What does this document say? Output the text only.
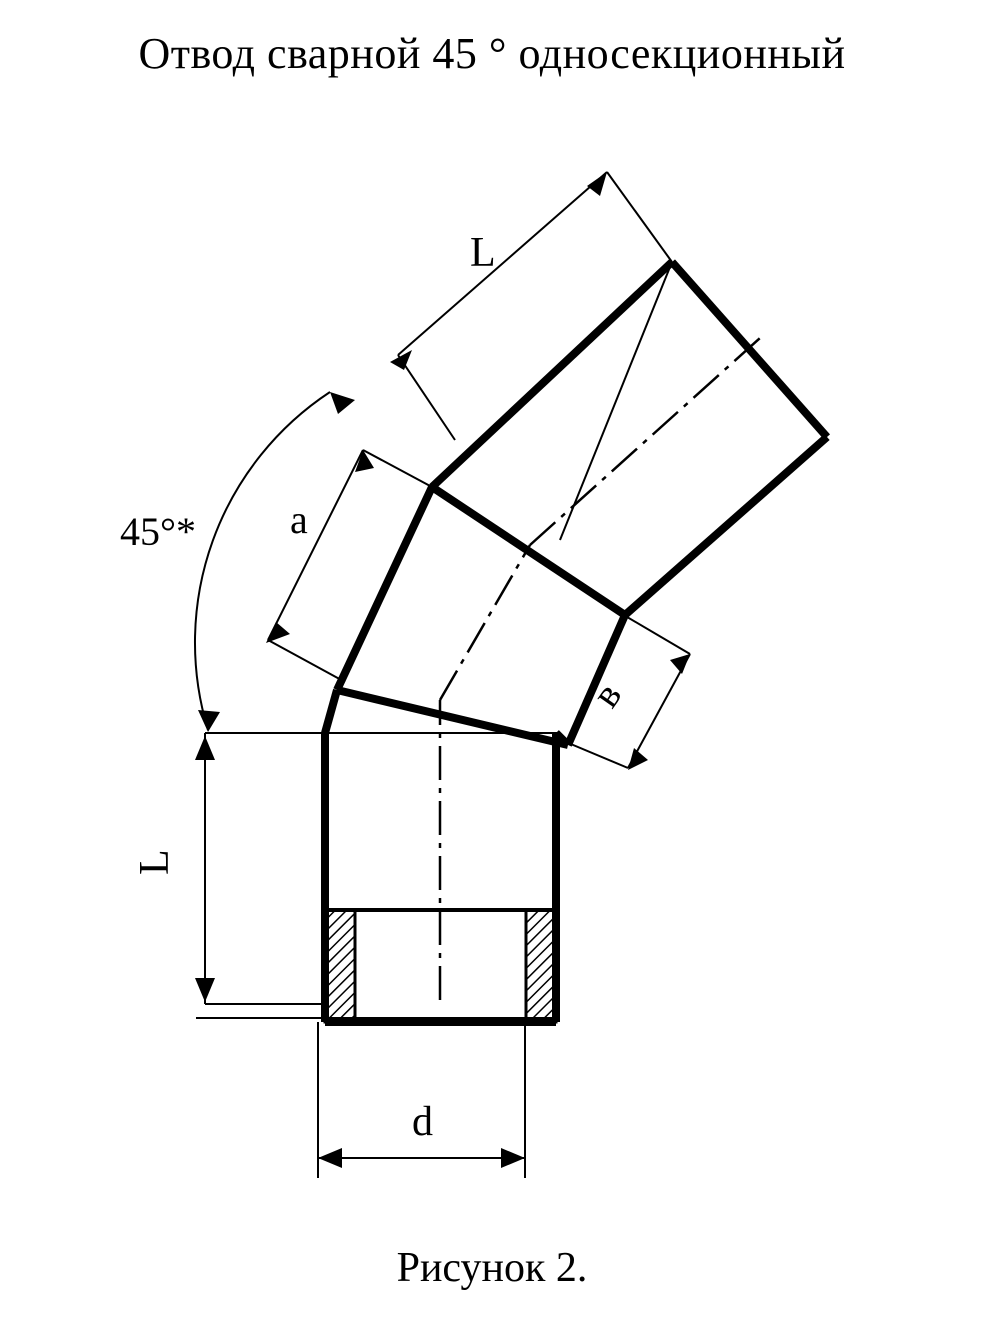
Отвод сварной 45 ° односекционный
L
a
45°*
L
d
в
Рисунок 2.
